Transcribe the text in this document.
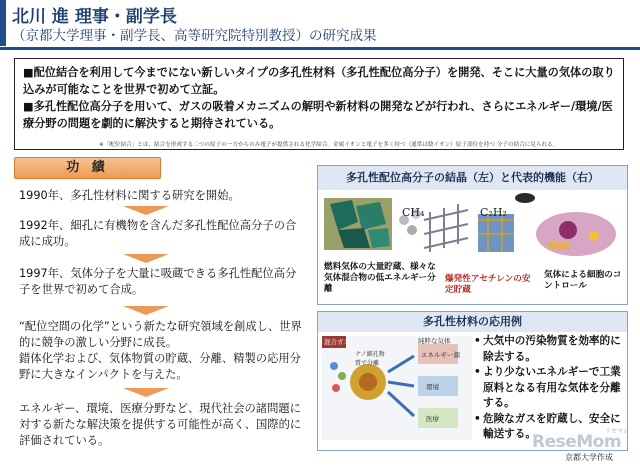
北川 進 理事・副学長
（京都大学理事・副学長、高等研究院特別教授）の研究成果

■配位結合を利用して今までにない新しいタイプの多孔性材料（多孔性配位高分子）を開発、そこに大量の気体の取り込みが可能なことを世界で初めて立証。

■多孔性配位高分子を用いて、ガスの吸着メカニズムの解明や新材料の開発などが行われ、さらにエネルギー/環境/医療分野の問題を劇的に解決すると期待されている。

※「配位結合」とは、結合を形成する二つの原子の一方からのみ電子が提供される化学結合。金属イオンと電子を多く持つ（通常は陰イオン）原子部位を持つ 分子の結合に見られる。
功 績
1990年、多孔性材料に関する研究を開始。
1992年、細孔に有機物を含んだ多孔性配位高分子の合成に成功。
1997年、気体分子を大量に吸蔵できる多孔性配位高分子を世界で初めて合成。
“配位空間の化学”という新たな研究領域を創成し、世界的に競争の激しい分野に成長。
錯体化学および、気体物質の貯蔵、分離、精製の応用分野に大きなインパクトを与えた。
エネルギー、環境、医療分野など、現代社会の諸問題に対する新たな解決策を提供する可能性が高く、国際的に評価されている。
多孔性配位高分子の結晶（左）と代表的機能（右）
CH₄	C₂H₂
燃料気体の大量貯蔵、様々な気体混合物の低エネルギー分離
爆発性アセチレンの安定貯蔵
気体による細胞のコントロール
多孔性材料の応用例
混合ガス
ナノ細孔物質で分離
純粋な気体
エネルギー源
環境
医療
• 大気中の汚染物質を効率的に除去する。
• より少ないエネルギーで工業原料となる有用な気体を分離する。
• 危険なガスを貯蔵し、安全に輸送する。	リセマム
ReseMom
京都大学作成
